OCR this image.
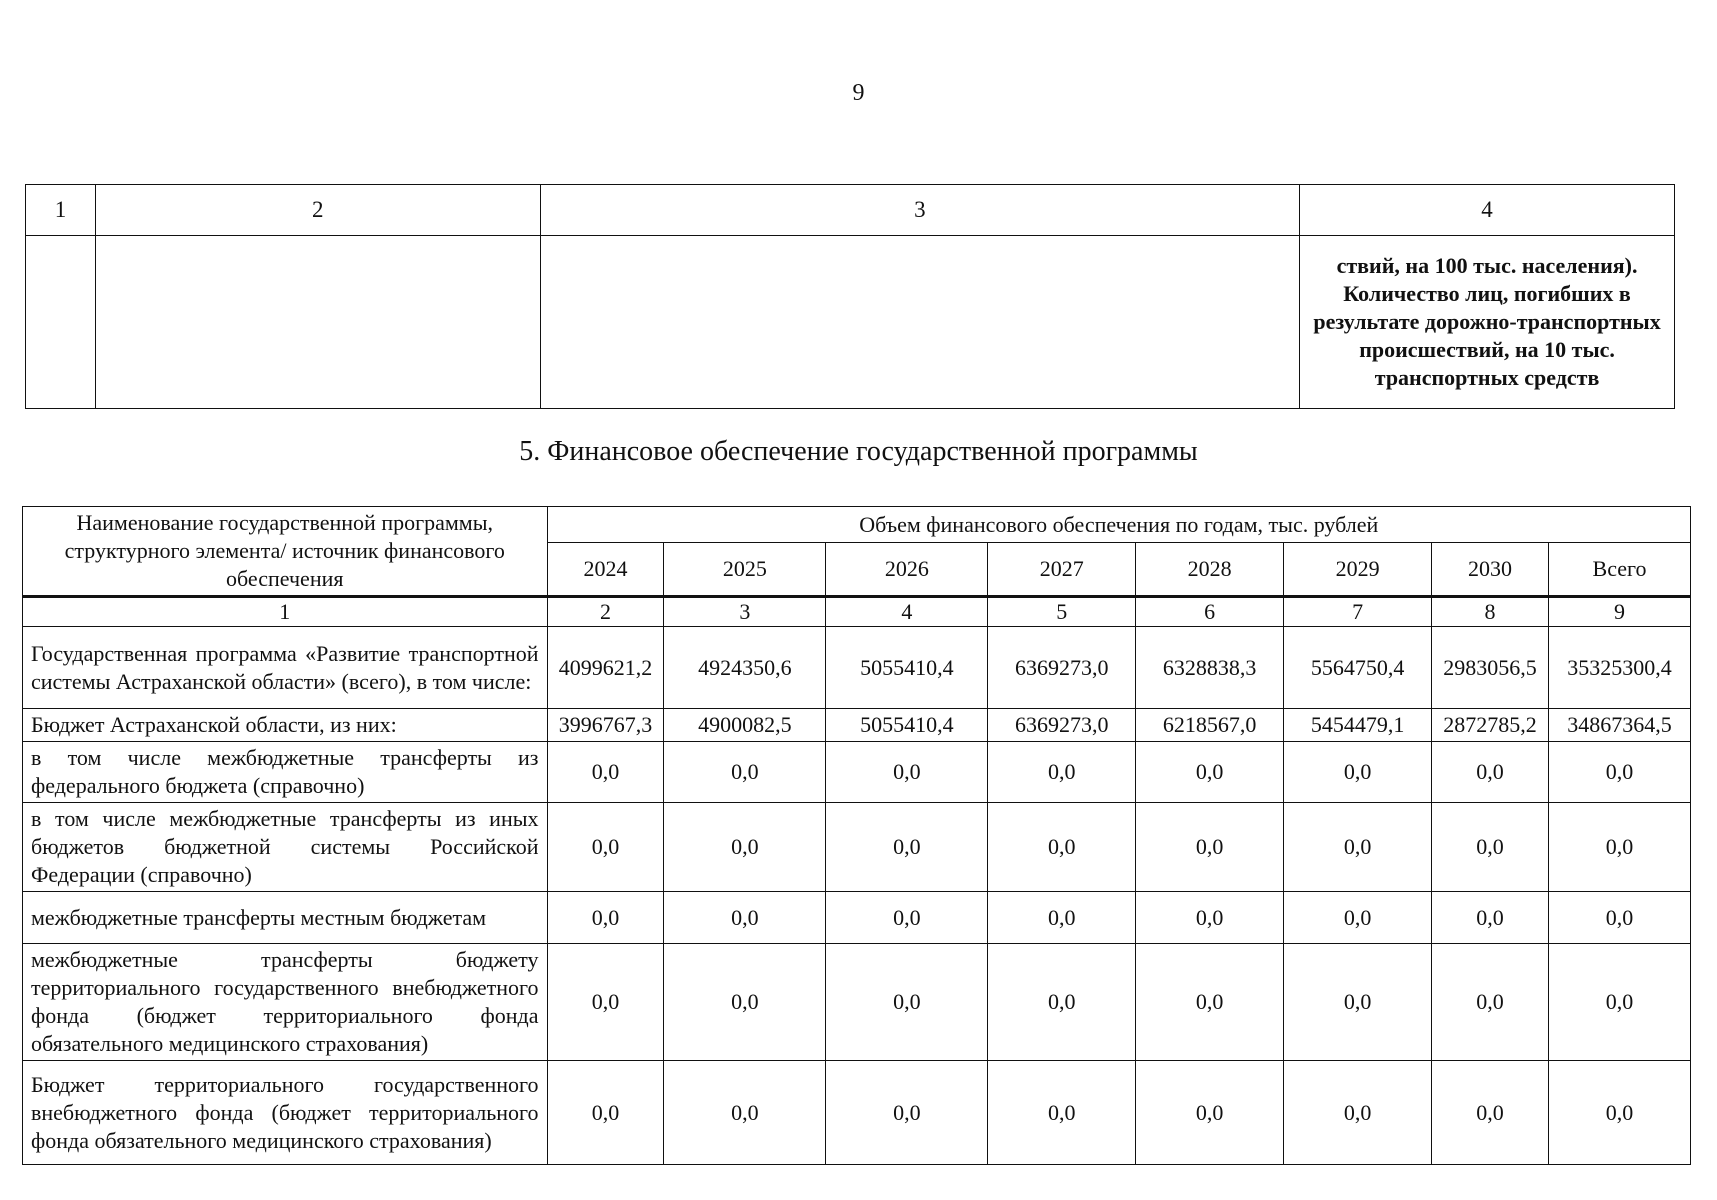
9
1	2	3	4
			ствий, на 100 тыс. населения). Количество лиц, погибших в результате дорожно-транспортных происшествий, на 10 тыс. транспортных средств
5. Финансовое обеспечение государственной программы
Наименование государственной программы, структурного элемента/ источник финансового обеспечения	Объем финансового обеспечения по годам, тыс. рублей							
	2024	2025	2026	2027	2028	2029	2030	Всего
1	2	3	4	5	6	7	8	9
Государственная программа «Развитие транспортной системы Астраханской области» (всего), в том числе:	4099621,2	4924350,6	5055410,4	6369273,0	6328838,3	5564750,4	2983056,5	35325300,4
Бюджет Астраханской области, из них:	3996767,3	4900082,5	5055410,4	6369273,0	6218567,0	5454479,1	2872785,2	34867364,5
в том числе межбюджетные трансферты из федерального бюджета (справочно)	0,0	0,0	0,0	0,0	0,0	0,0	0,0	0,0
в том числе межбюджетные трансферты из иных бюджетов бюджетной системы Российской Федерации (справочно)	0,0	0,0	0,0	0,0	0,0	0,0	0,0	0,0
межбюджетные трансферты местным бюджетам	0,0	0,0	0,0	0,0	0,0	0,0	0,0	0,0
межбюджетные трансферты бюджету территориального государственного внебюджетного фонда (бюджет территориального фонда обязательного медицинского страхования)	0,0	0,0	0,0	0,0	0,0	0,0	0,0	0,0
Бюджет территориального государственного внебюджетного фонда (бюджет территориального фонда обязательного медицинского страхования)	0,0	0,0	0,0	0,0	0,0	0,0	0,0	0,0
